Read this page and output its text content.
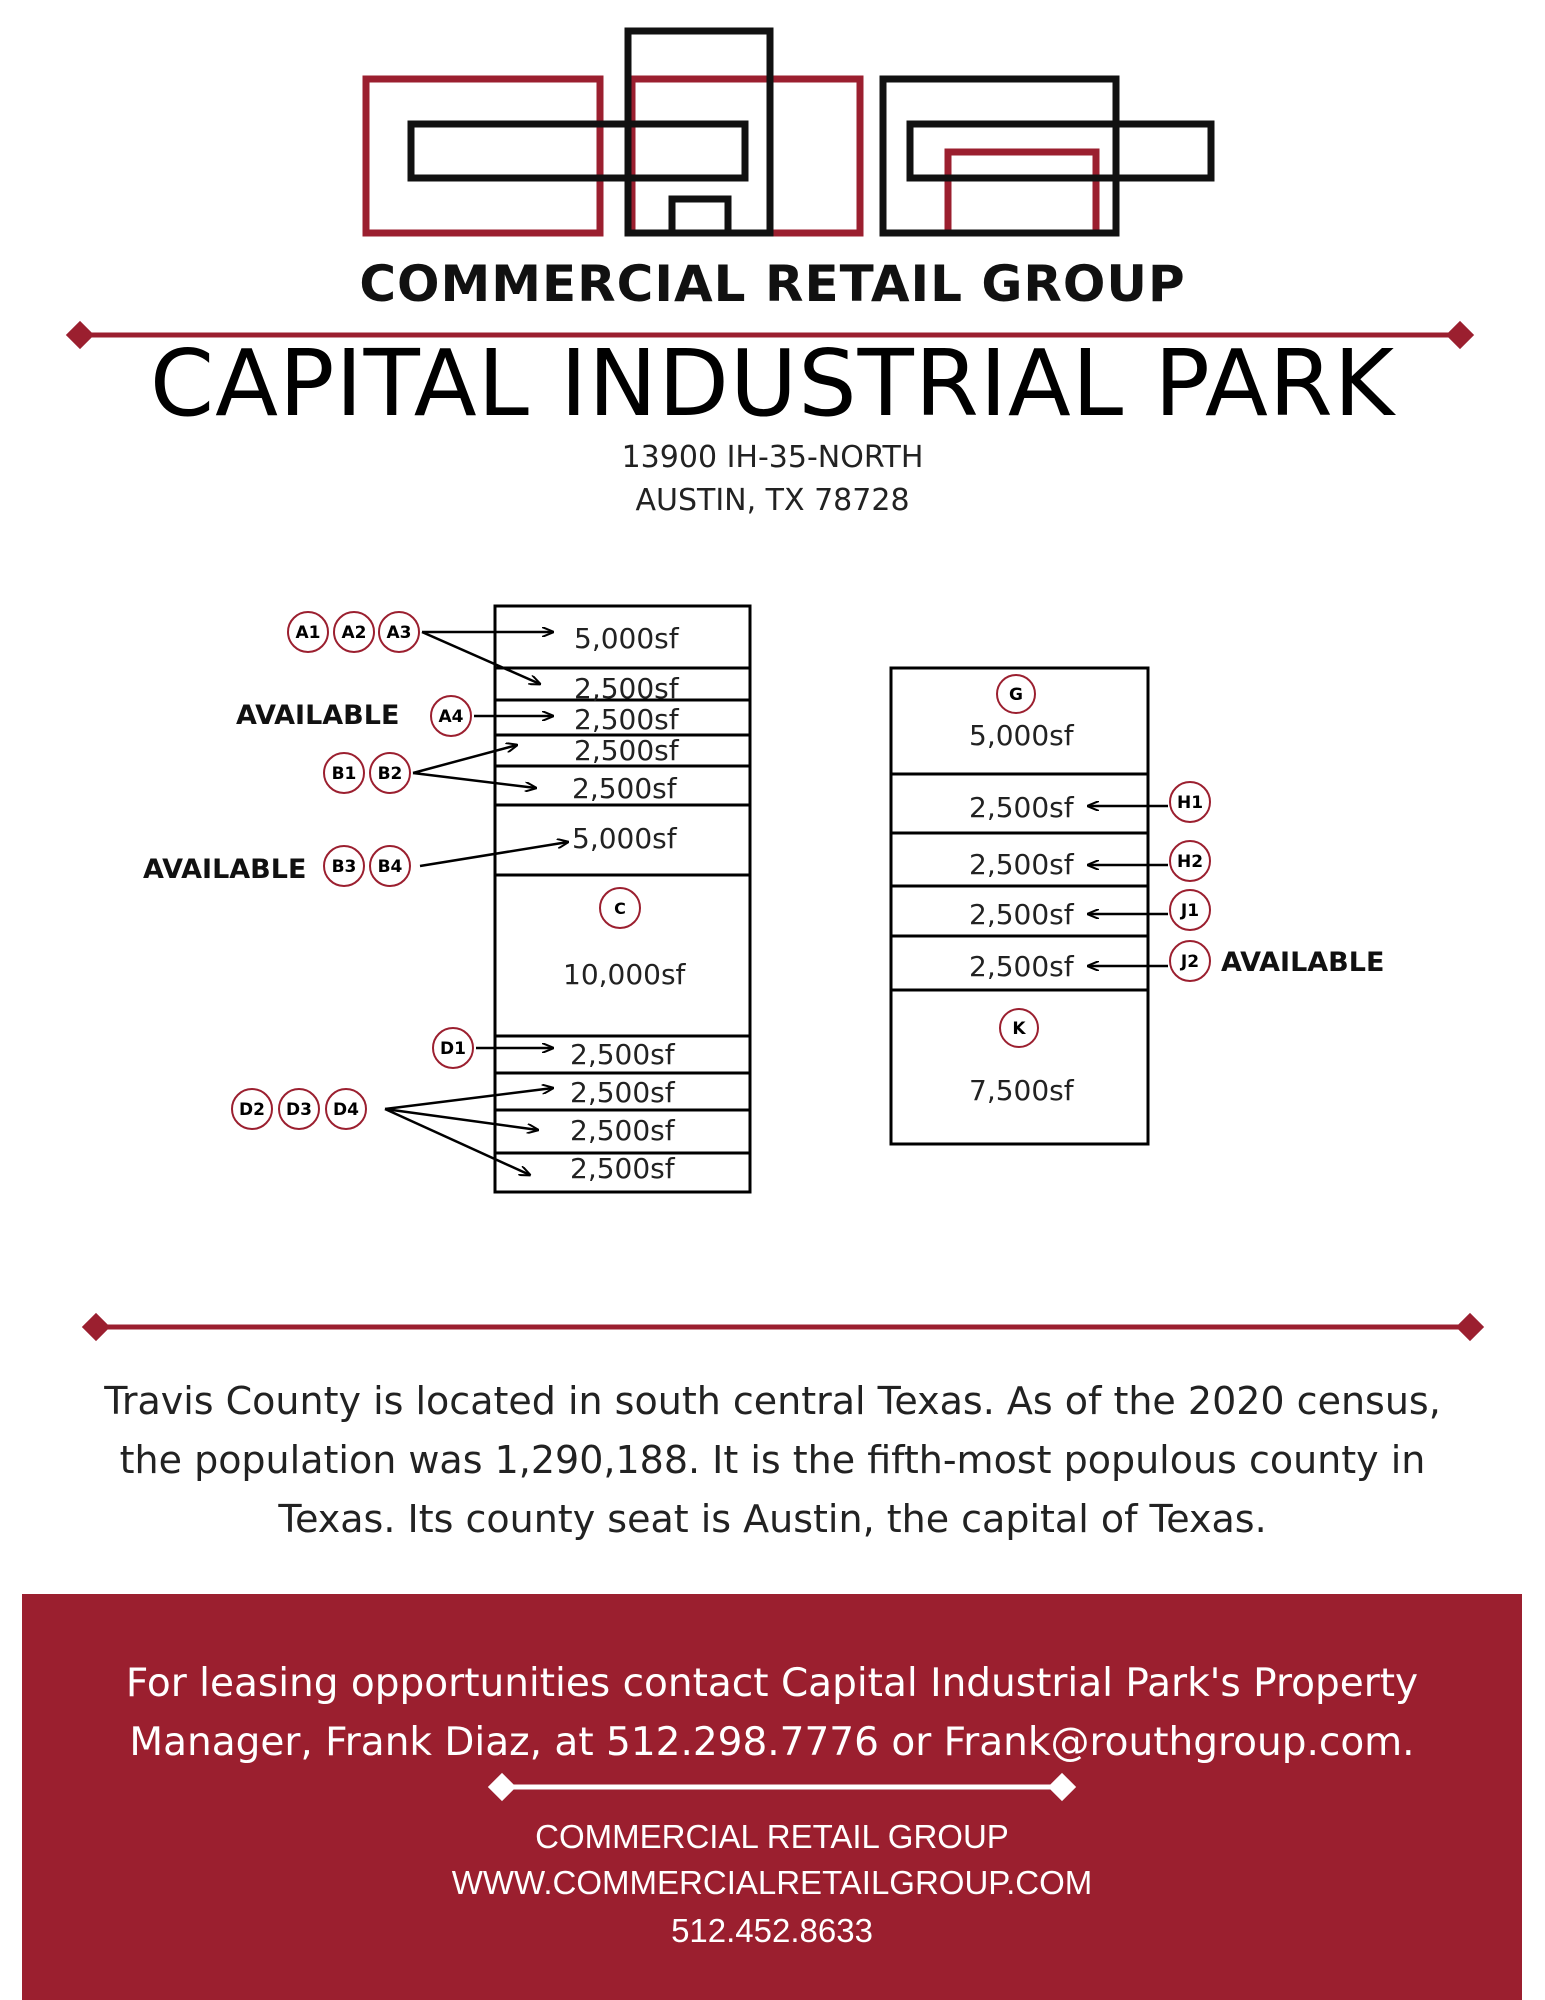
COMMERCIAL RETAIL GROUP
CAPITAL INDUSTRIAL PARK
13900 IH-35-NORTH
AUSTIN, TX 78728
5,000sf
2,500sf
2,500sf
2,500sf
2,500sf
5,000sf
10,000sf
2,500sf
2,500sf
2,500sf
2,500sf
C
A1 A2 A3
A4
B1 B2
B3 B4
D1
D2 D3 D4
AVAILABLE
AVAILABLE
5,000sf
2,500sf
2,500sf
2,500sf
2,500sf
7,500sf
G
H1
H2
J1
J2
K
AVAILABLE
Travis County is located in south central Texas. As of the 2020 census, the population was 1,290,188. It is the fifth-most populous county in Texas. Its county seat is Austin, the capital of Texas.
For leasing opportunities contact Capital Industrial Park's Property Manager, Frank Diaz, at 512.298.7776 or Frank@routhgroup.com.
COMMERCIAL RETAIL GROUP
WWW.COMMERCIALRETAILGROUP.COM
512.452.8633
